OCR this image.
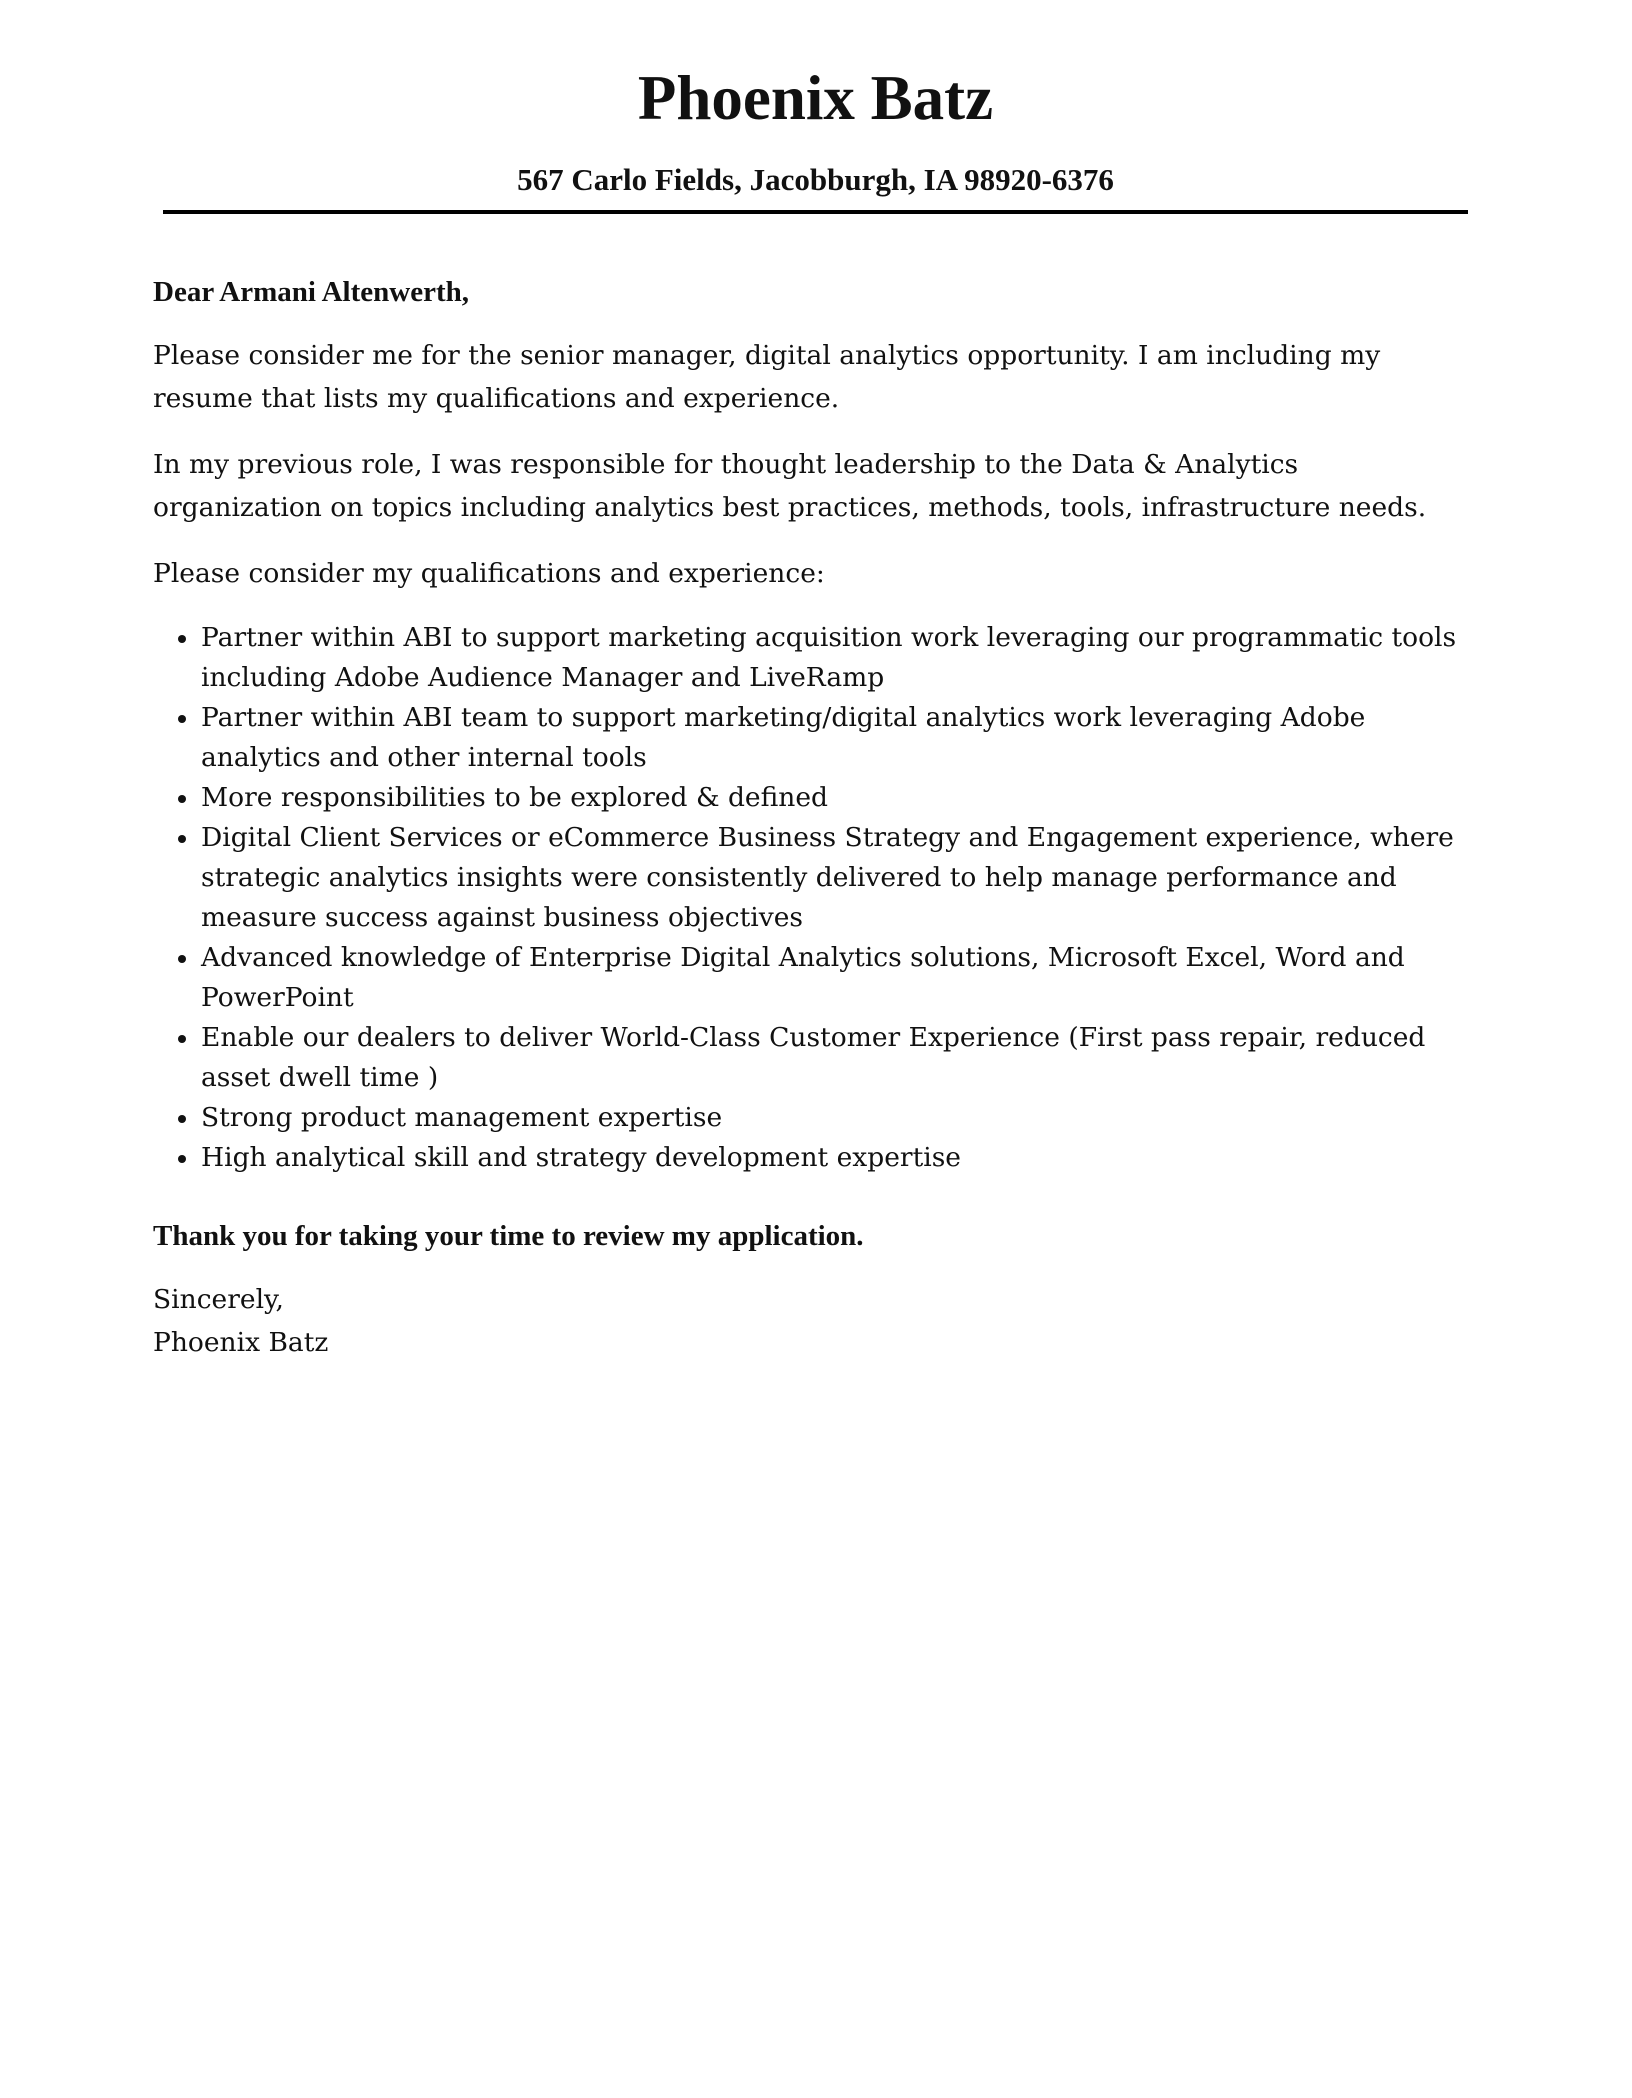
Phoenix Batz
567 Carlo Fields, Jacobburgh, IA 98920-6376

Dear Armani Altenwerth,

Please consider me for the senior manager, digital analytics opportunity. I am including my resume that lists my qualifications and experience.

In my previous role, I was responsible for thought leadership to the Data & Analytics organization on topics including analytics best practices, methods, tools, infrastructure needs.

Please consider my qualifications and experience:

Partner within ABI to support marketing acquisition work leveraging our programmatic tools including Adobe Audience Manager and LiveRamp
Partner within ABI team to support marketing/digital analytics work leveraging Adobe analytics and other internal tools
More responsibilities to be explored & defined
Digital Client Services or eCommerce Business Strategy and Engagement experience, where strategic analytics insights were consistently delivered to help manage performance and measure success against business objectives
Advanced knowledge of Enterprise Digital Analytics solutions, Microsoft Excel, Word and PowerPoint
Enable our dealers to deliver World-Class Customer Experience (First pass repair, reduced asset dwell time )
Strong product management expertise
High analytical skill and strategy development expertise

Thank you for taking your time to review my application.

Sincerely,

Phoenix Batz
